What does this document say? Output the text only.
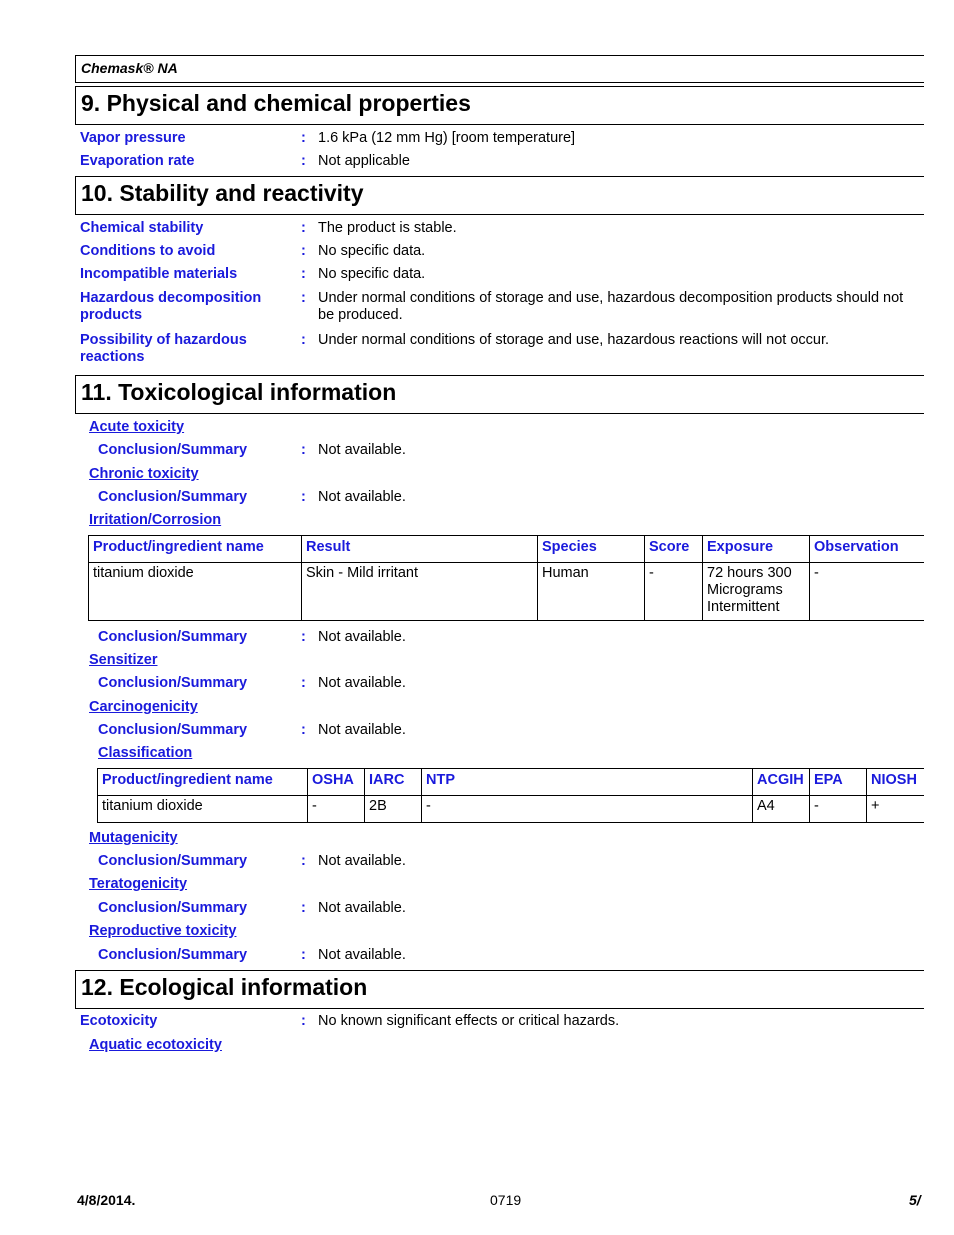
Chemask® NA
9. Physical and chemical properties
Vapor pressure	: 1.6 kPa (12 mm Hg) [room temperature]
Evaporation rate	: Not applicable
10. Stability and reactivity
Chemical stability	: The product is stable.
Conditions to avoid	: No specific data.
Incompatible materials	: No specific data.
Hazardous decomposition products
: Under normal conditions of storage and use, hazardous decomposition products should not be produced.
Possibility of hazardous reactions
: Under normal conditions of storage and use, hazardous reactions will not occur.
11. Toxicological information
Acute toxicity
Conclusion/Summary	: Not available.
Chronic toxicity
Conclusion/Summary	: Not available.
Irritation/Corrosion
Product/ingredient name	Result	Species	Score	Exposure	Observation
titanium dioxide	Skin - Mild irritant	Human	-	72 hours 300 Micrograms Intermittent	-
Conclusion/Summary	: Not available.
Sensitizer
Conclusion/Summary	: Not available.
Carcinogenicity
Conclusion/Summary	: Not available.
Classification
Product/ingredient name	OSHA	IARC	NTP	ACGIH	EPA	NIOSH
titanium dioxide	-	2B	-	A4	-	+
Mutagenicity
Conclusion/Summary	: Not available.
Teratogenicity
Conclusion/Summary	: Not available.
Reproductive toxicity
Conclusion/Summary	: Not available.
12. Ecological information
Ecotoxicity	: No known significant effects or critical hazards.
Aquatic ecotoxicity
4/8/2014.	0719	5/
